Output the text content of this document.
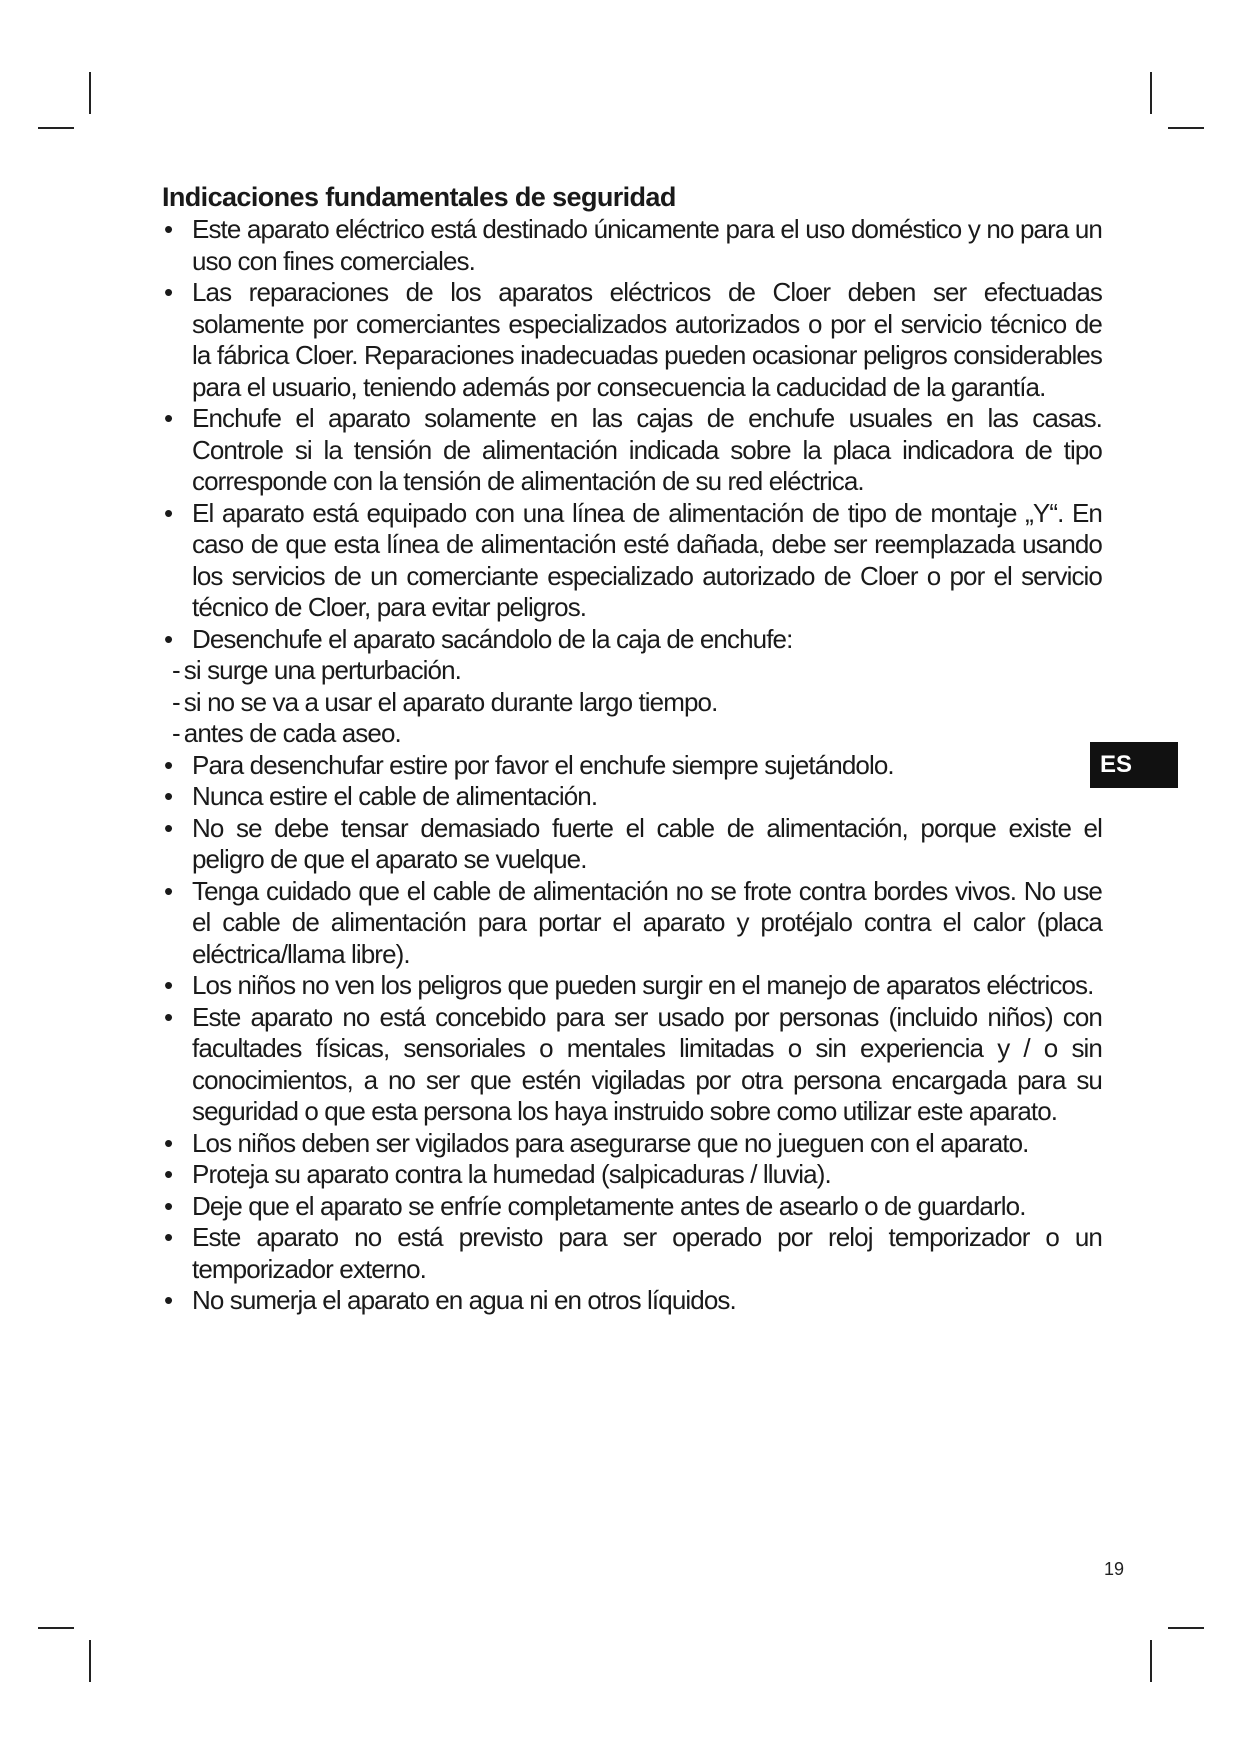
Indicaciones fundamentales de seguridad
• Este aparato eléctrico está destinado únicamente para el uso doméstico y no para un uso con fines comerciales.
• Las reparaciones de los aparatos eléctricos de Cloer deben ser efectuadas solamente por comerciantes especializados autorizados o por el servicio técnico de la fábrica Cloer. Reparaciones inadecuadas pueden ocasionar peligros considerables para el usuario, teniendo además por consecuencia la caducidad de la garantía.
• Enchufe el aparato solamente en las cajas de enchufe usuales en las casas. Controle si la tensión de alimentación indicada sobre la placa indicadora de tipo corresponde con la tensión de alimentación de su red eléctrica.
• El aparato está equipado con una línea de alimentación de tipo de montaje „Y“. En caso de que esta línea de alimentación esté dañada, debe ser reemplazada usando los servicios de un comerciante especializado autorizado de Cloer o por el servicio técnico de Cloer, para evitar peligros.
• Desenchufe el aparato sacándolo de la caja de enchufe:
- si surge una perturbación.
- si no se va a usar el aparato durante largo tiempo.
- antes de cada aseo.
• Para desenchufar estire por favor el enchufe siempre sujetándolo.
• Nunca estire el cable de alimentación.
• No se debe tensar demasiado fuerte el cable de alimentación, porque existe el peligro de que el aparato se vuelque.
• Tenga cuidado que el cable de alimentación no se frote contra bordes vivos. No use el cable de alimentación para portar el aparato y protéjalo contra el calor (placa eléctrica/llama libre).
• Los niños no ven los peligros que pueden surgir en el manejo de aparatos eléctricos.
• Este aparato no está concebido para ser usado por personas (incluido niños) con facultades físicas, sensoriales o mentales limitadas o sin experiencia y / o sin conocimientos, a no ser que estén vigiladas por otra persona encargada para su seguridad o que esta persona los haya instruido sobre como utilizar este aparato.
• Los niños deben ser vigilados para asegurarse que no jueguen con el aparato.
• Proteja su aparato contra la humedad (salpicaduras / lluvia).
• Deje que el aparato se enfríe completamente antes de asearlo o de guardarlo.
• Este aparato no está previsto para ser operado por reloj temporizador o un temporizador externo.
• No sumerja el aparato en agua ni en otros líquidos.
ES
19
